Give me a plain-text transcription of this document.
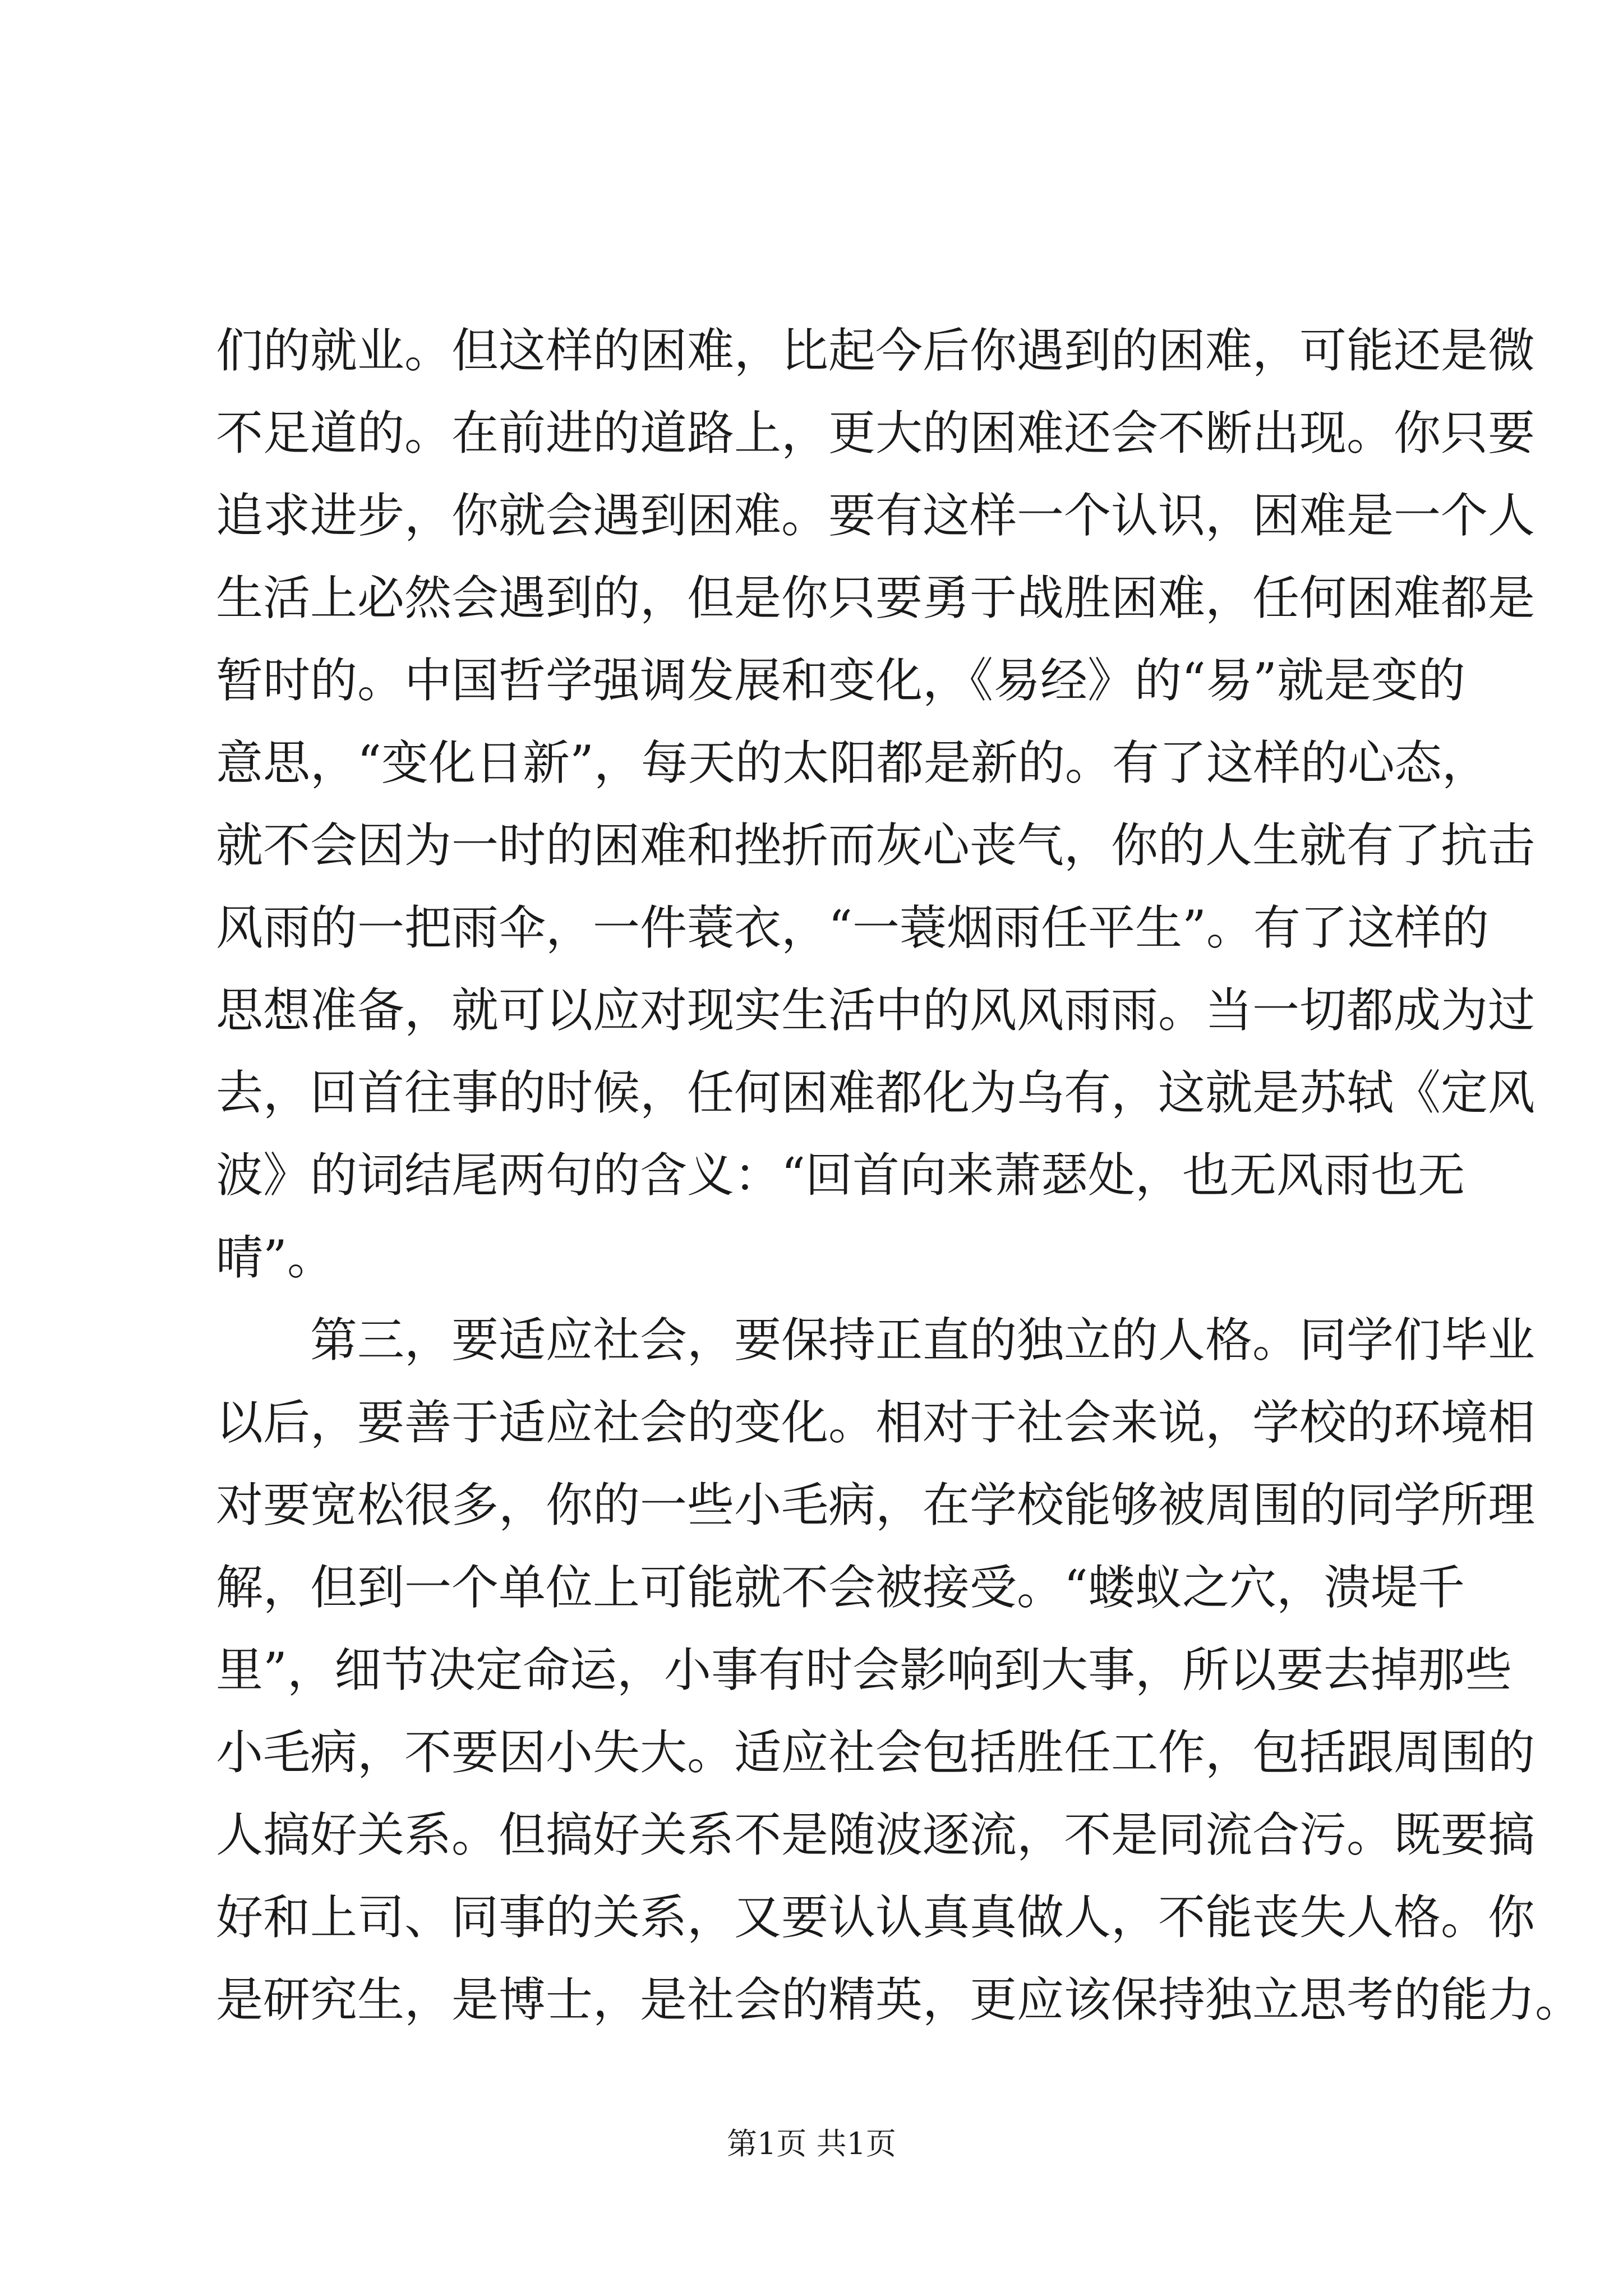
们的就业。但这样的困难，比起今后你遇到的困难，可能还是微
不足道的。在前进的道路上，更大的困难还会不断出现。你只要
追求进步，你就会遇到困难。要有这样一个认识，困难是一个人
生活上必然会遇到的，但是你只要勇于战胜困难，任何困难都是
暂时的。中国哲学强调发展和变化，《易经》的“易”就是变的
意思，“变化日新”，每天的太阳都是新的。有了这样的心态，
就不会因为一时的困难和挫折而灰心丧气，你的人生就有了抗击
风雨的一把雨伞，一件蓑衣，“一蓑烟雨任平生”。有了这样的
思想准备，就可以应对现实生活中的风风雨雨。当一切都成为过
去，回首往事的时候，任何困难都化为乌有，这就是苏轼《定风
波》的词结尾两句的含义：“回首向来萧瑟处，也无风雨也无
晴”。
　　第三，要适应社会，要保持正直的独立的人格。同学们毕业
以后，要善于适应社会的变化。相对于社会来说，学校的环境相
对要宽松很多，你的一些小毛病，在学校能够被周围的同学所理
解，但到一个单位上可能就不会被接受。“蝼蚁之穴，溃堤千
里”，细节决定命运，小事有时会影响到大事，所以要去掉那些
小毛病，不要因小失大。适应社会包括胜任工作，包括跟周围的
人搞好关系。但搞好关系不是随波逐流，不是同流合污。既要搞
好和上司、同事的关系，又要认认真真做人，不能丧失人格。你
是研究生，是博士，是社会的精英，更应该保持独立思考的能力。
第1页 共1页
